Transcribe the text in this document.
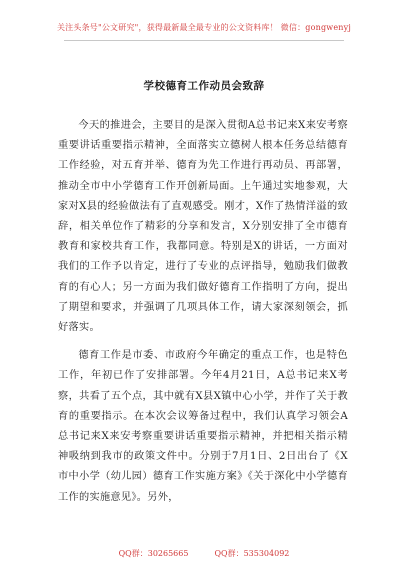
关注头条号"公文研究"，获得最新最全最专业的公文资料库！ 微信：gongwenyj
学校德育工作动员会致辞

今天的推进会，主要目的是深入贯彻A总书记来X来安考察重要讲话重要指示精神，全面落实立德树人根本任务总结德育工作经验，对五育并举、德育为先工作进行再动员、再部署，推动全市中小学德育工作开创新局面。上午通过实地参观，大家对X县的经验做法有了直观感受。刚才，X作了热情洋溢的致辞，相关单位作了精彩的分享和发言，X分别安排了全市德育教育和家校共育工作，我都同意。特别是X的讲话，一方面对我们的工作予以肯定，进行了专业的点评指导，勉励我们做教育的有心人；另一方面为我们做好德育工作指明了方向，提出了期望和要求，并强调了几项具体工作，请大家深刻领会，抓好落实。

德育工作是市委、市政府今年确定的重点工作，也是特色工作，年初已作了安排部署。今年4月21日，A总书记来X考察，共看了五个点，其中就有X县X镇中心小学，并作了关于教育的重要指示。在本次会议筹备过程中，我们认真学习领会A总书记来X来安考察重要讲话重要指示精神，并把相关指示精神吸纳到我市的政策文件中。分别于7月1日、2日出台了《X市中小学（幼儿园）德育工作实施方案》《关于深化中小学德育工作的实施意见》。另外，

QQ群：30265665	QQ群：535304092
